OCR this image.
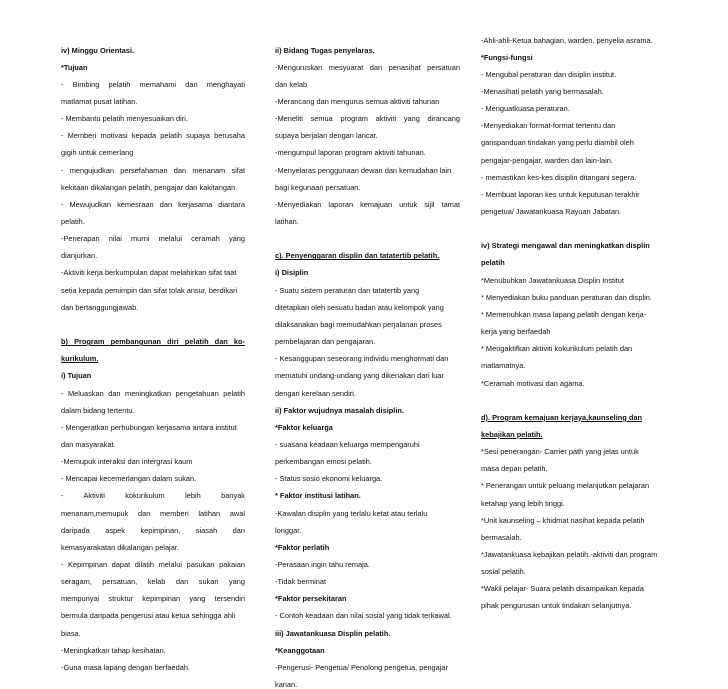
iv) Minggu Orientasi.
*Tujuan
- Bimbing pelatih memahami dan menghayati
matlamat pusat latihan.
- Membantu pelatih menyesuaikan diri.
- Memberi motivasi kepada pelatih supaya berusaha
gigih untuk cemerlang
- mengujudkan persefahaman dan menanam sifat
kekitaan dikalangan pelatih, pengajar dan kakitangan.
- Mewujudkan kemesraan dan kerjasama diantara
pelatih.
-Penerapan nilai murni melalui ceramah yang
dianjurkan.
-Aktiviti kerja berkumpulan dapat melahirkan sifat taat
setia kepada pemimpin dan sifat tolak ansur, berdikari
dan bertanggungjawab.
b) Program pembangunan diri pelatih dan ko-
kurikulum.
i) Tujuan
- Meluaskan dan meningkatkan pengetahuan pelatih
dalam bidang tertentu.
- Mengeratkan perhubungan kerjasama antara institut
dan masyarakat.
-Memupuk interaksi dan intergrasi kaum
- Mencapai kecemerlangan dalam sukan.
- Aktiviti kokurikulum lebih banyak
menanam,memupuk dan memberi latihan awal
daripada aspek kepimpinan, siasah dan
kemasyarakatan dikalangan pelajar.
- Kepimpinan dapat dilatih melalui pasukan pakaian
seragam, persatuan, kelab dan sukan yang
mempunyai struktur kepimpinan yang tersendiri
bermula daripada pengerusi atau ketua sehingga ahli
biasa.
-Meningkatkan tahap kesihatan.
-Guna masa lapang dengan berfaedah.
ii) Bidang Tugas penyelaras.
-Menguruskan mesyuarat dan penasihat persatuan
dan kelab
-Merancang dan mengurus semua aktiviti tahunan
-Meneliti semua program aktiviti yang dirancang
supaya berjalan dengan lancar.
-mengumpul laporan program aktiviti tahunan.
-Menyelaras penggunaan dewan dan kemudahan lain
bagi kegunaan persatuan.
-Menyediakan laporan kemajuan untuk sijil tamat
latihan.
c). Penyenggaran displin dan tatatertib pelatih.
i) Disiplin
- Suatu sistem peraturan dan tatatertib yang
ditetapkan oleh sesuatu badan atau kelompok yang
dilaksanakan bagi memudahkan perjalanan proses
pembelajaran dan pengajaran.
- Kesanggupan seseorang individu menghormati dan
mematuhi undang-undang yang dikenakan dari luar
dengan kerelaan sendiri.
ii) Faktor wujudnya masalah disiplin.
*Faktor keluarga
- suasana keadaan keluarga mempengaruhi
perkembangan emosi pelatih.
- Status sosio ekonomi keluarga.
* Faktor institusi latihan.
-Kawalan disiplin yang terlalu ketat atau terlalu
longgar.
*Faktor perlatih
-Perasaan ingin tahu remaja.
-Tidak berminat
*Faktor persekitaran
- Contoh keadaan dan nilai sosial yang tidak terkawal.
iii) Jawatankuasa Displin pelatih.
*Keanggotaan
-Pengerusi- Pengetua/ Penolong pengetua, pengajar
kanan.
-Ahli-ahli-Ketua bahagian, warden, penyelia asrama.
*Fungsi-fungsi
- Mengubal peraturan dan disiplin institut.
-Menasihati pelatih yang bermasalah.
- Menguatkuasa peraturan.
-Menyediakan format-format tertentu dan
garispanduan tindakan yang perlu diambil oleh
pengajar-pengajar, warden dan lain-lain.
- memastikan kes-kes disiplin ditangani segera.
- Membuat laporan kes untuk keputusan terakhir
pengetua/ Jawatankuasa Rayuan Jabatan.
iv) Strategi mengawal dan meningkatkan displin
pelatih
*Menubuhkan Jawatankuasa Displin Institut
* Menyediakan buku panduan peraturan dan displin.
* Memenuhkan masa lapang pelatih dengan kerja-
kerja yang berfaedah
* Mengaktifkan aktiviti kokurikulum pelatih dan
matlamatnya.
*Ceramah motivasi dan agama.
d). Program kemajuan kerjaya,kaunseling dan
kebajikan pelatih.
*Sesi penerangan- Carrier path yang jelas untuk
masa depan pelatih.
* Penerangan untuk peluang melanjutkan pelajaran
ketahap yang lebih tinggi.
*Unit kaunseling – khidmat nasihat kepada pelatih
bermasalah.
*Jawatankuasa kebajikan pelatih.-aktiviti dan program
sosial pelatih.
*Wakil pelajar- Suara pelatih disampaikan kepada
pihak pengurusan untuk tindakan selanjutnya.
